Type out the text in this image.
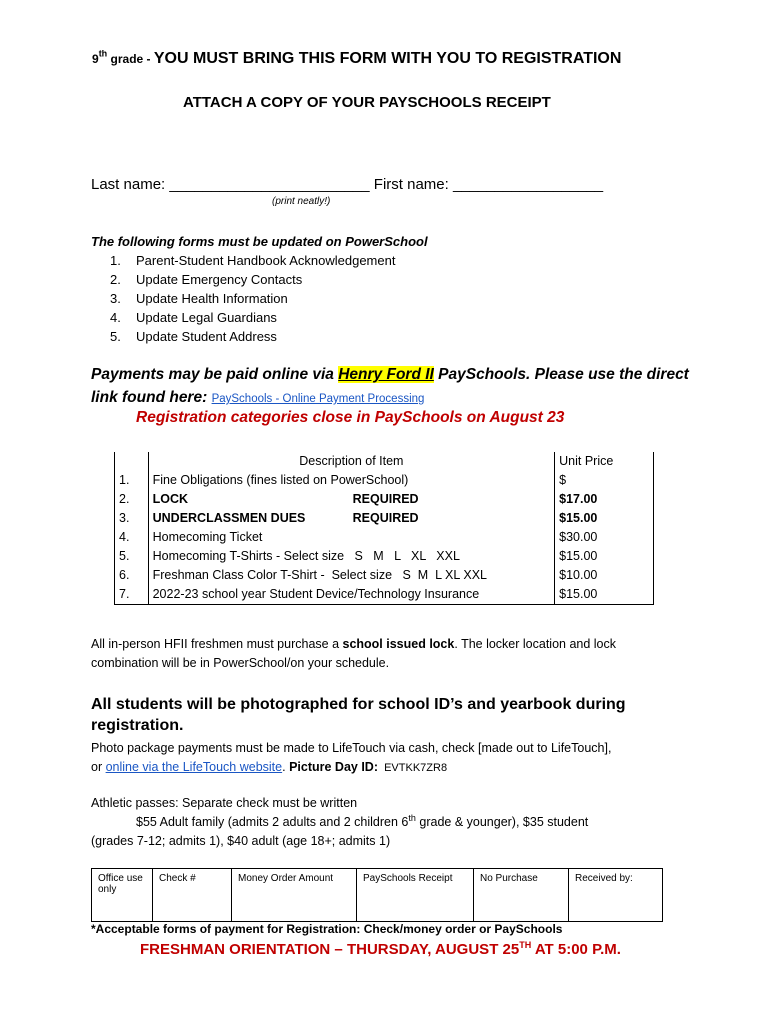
9th grade - YOU MUST BRING THIS FORM WITH YOU TO REGISTRATION
ATTACH A COPY OF YOUR PAYSCHOOLS RECEIPT
Last name: ________________________ First name: __________________
(print neatly!)
The following forms must be updated on PowerSchool
1. Parent-Student Handbook Acknowledgement
2. Update Emergency Contacts
3. Update Health Information
4. Update Legal Guardians
5. Update Student Address
Payments may be paid online via Henry Ford II PaySchools. Please use the direct
link found here: PaySchools - Online Payment Processing
Registration categories close in PaySchools on August 23
	Description of Item	Unit Price
1.	Fine Obligations (fines listed on PowerSchool)	$
2.	LOCK REQUIRED	$17.00
3.	UNDERCLASSMEN DUES REQUIRED	$15.00
4.	Homecoming Ticket	$30.00
5.	Homecoming T-Shirts - Select size   S   M   L   XL   XXL	$15.00
6.	Freshman Class Color T-Shirt -  Select size   S  M  L XL XXL	$10.00
7.	2022-23 school year Student Device/Technology Insurance	$15.00
All in-person HFII freshmen must purchase a school issued lock. The locker location and lock combination will be in PowerSchool/on your schedule.
All students will be photographed for school ID’s and yearbook during registration.
Photo package payments must be made to LifeTouch via cash, check [made out to LifeTouch],
or online via the LifeTouch website. Picture Day ID:  EVTKK7ZR8
Athletic passes: Separate check must be written
$55 Adult family (admits 2 adults and 2 children 6th grade & younger), $35 student
(grades 7-12; admits 1), $40 adult (age 18+; admits 1)
Office use only	Check #	Money Order Amount	PaySchools Receipt	No Purchase	Received by:
*Acceptable forms of payment for Registration: Check/money order or PaySchools
FRESHMAN ORIENTATION – THURSDAY, AUGUST 25TH AT 5:00 P.M.
